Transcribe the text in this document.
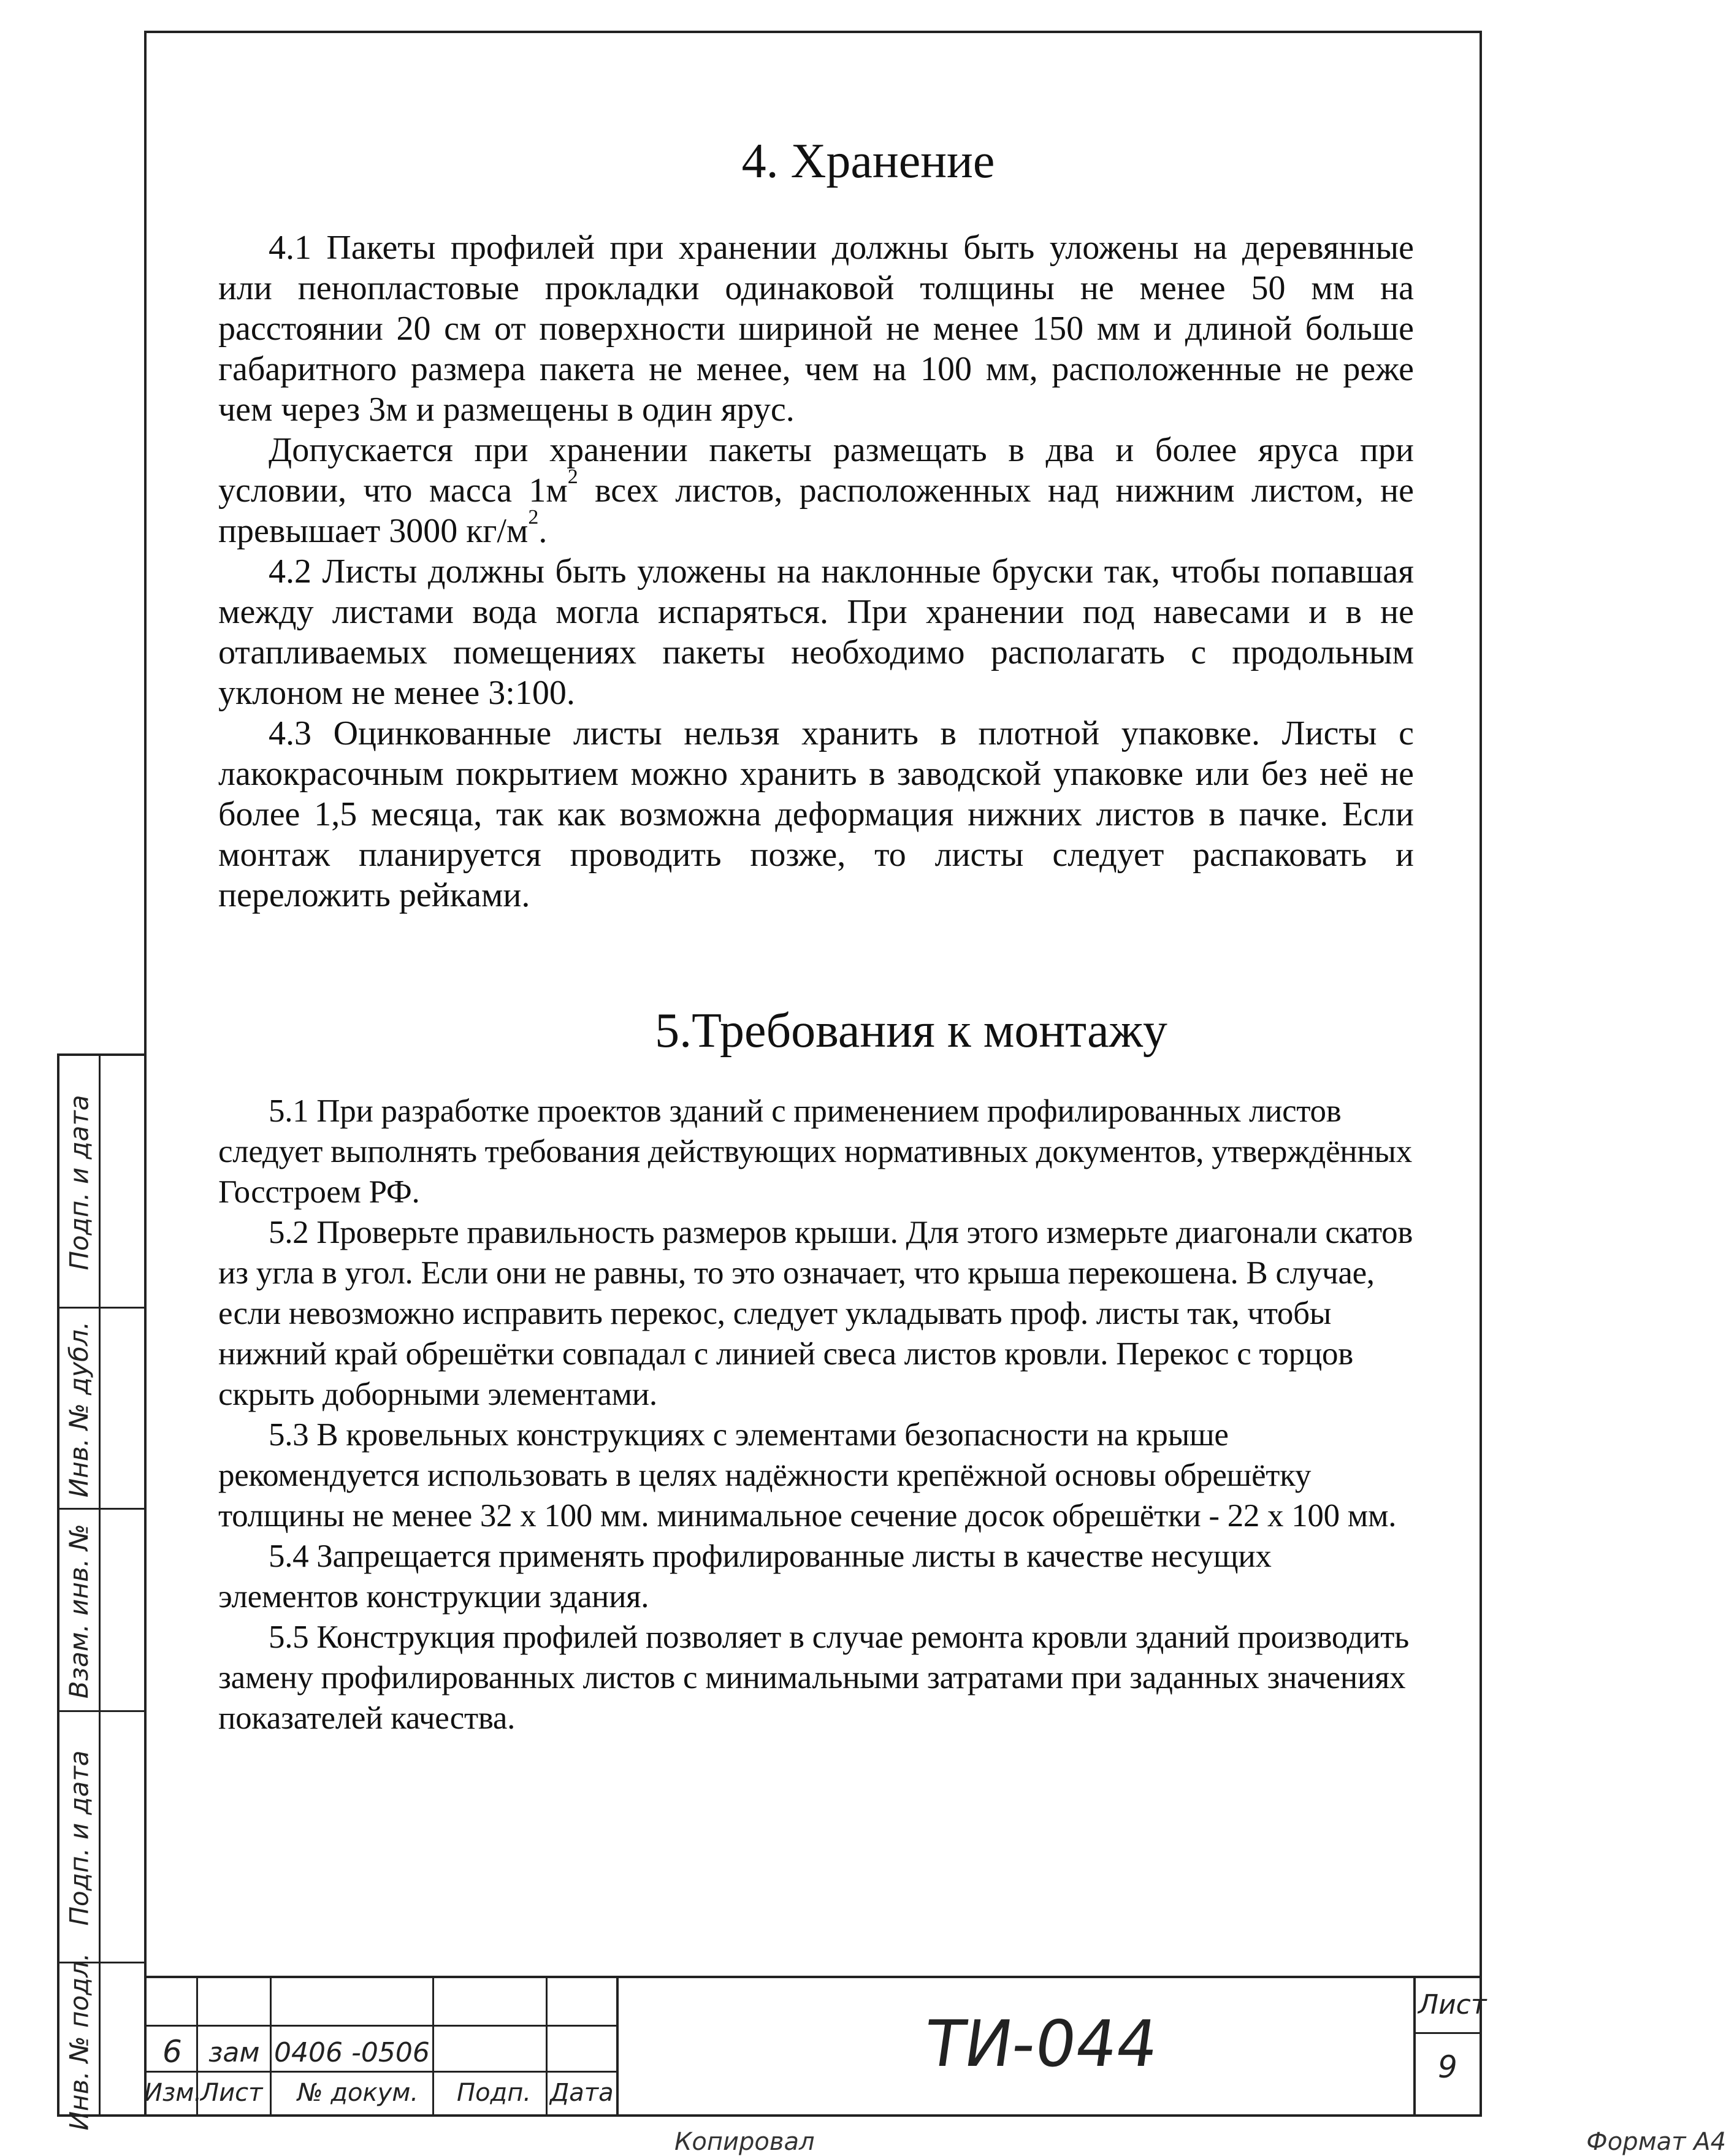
Подп. и дата
Инв. № дубл.
Взам. инв. №
Подп. и дата
Инв. № подл.
4. Хранение

4.1 Пакеты профилей при хранении должны быть уложены на деревянные или пенопластовые прокладки одинаковой толщины не менее 50 мм на расстоянии 20 см от поверхности шириной не менее 150 мм и длиной больше габаритного размера пакета не менее, чем на 100 мм, расположенные не реже чем через 3м и размещены в один ярус.

Допускается при хранении пакеты размещать в два и более яруса при условии, что масса $1м^2$ всех листов, расположенных над нижним листом, не превышает 3000 $кг/м^2$.

4.2 Листы должны быть уложены на наклонные бруски так, чтобы попавшая между листами вода могла испаряться. При хранении под навесами и в не отапливаемых помещениях пакеты необходимо располагать с продольным уклоном не менее 3:100.

4.3 Оцинкованные листы нельзя хранить в плотной упаковке. Листы с лакокрасочным покрытием можно хранить в заводской упаковке или без неё не более 1,5 месяца, так как возможна деформация нижних листов в пачке. Если монтаж планируется проводить позже, то листы следует распаковать и переложить рейками.

5.Требования к монтажу

5.1 При разработке проектов зданий с применением профилированных листов следует выполнять требования действующих нормативных документов, утверждённых Госстроем РФ.

5.2 Проверьте правильность размеров крыши. Для этого измерьте диагонали скатов из угла в угол. Если они не равны, то это означает, что крыша перекошена. В случае, если невозможно исправить перекос, следует укладывать проф. листы так, чтобы нижний край обрешётки совпадал с линией свеса листов кровли. Перекос с торцов скрыть доборными элементами.

5.3 В кровельных конструкциях с элементами безопасности на крыше рекомендуется использовать в целях надёжности крепёжной основы обрешётку толщины не менее 32 х 100 мм. минимальное сечение досок обрешётки - 22 х 100 мм.

5.4 Запрещается применять профилированные листы в качестве несущих элементов конструкции здания.

5.5 Конструкция профилей позволяет в случае ремонта кровли зданий производить замену профилированных листов с минимальными затратами при заданных значениях показателей качества.

6 зам 0406 -0506
Изм.
Лист № докум. Подп. Дата
ТИ-044
Лист
9
Копировал                                                                                                   Формат А4
